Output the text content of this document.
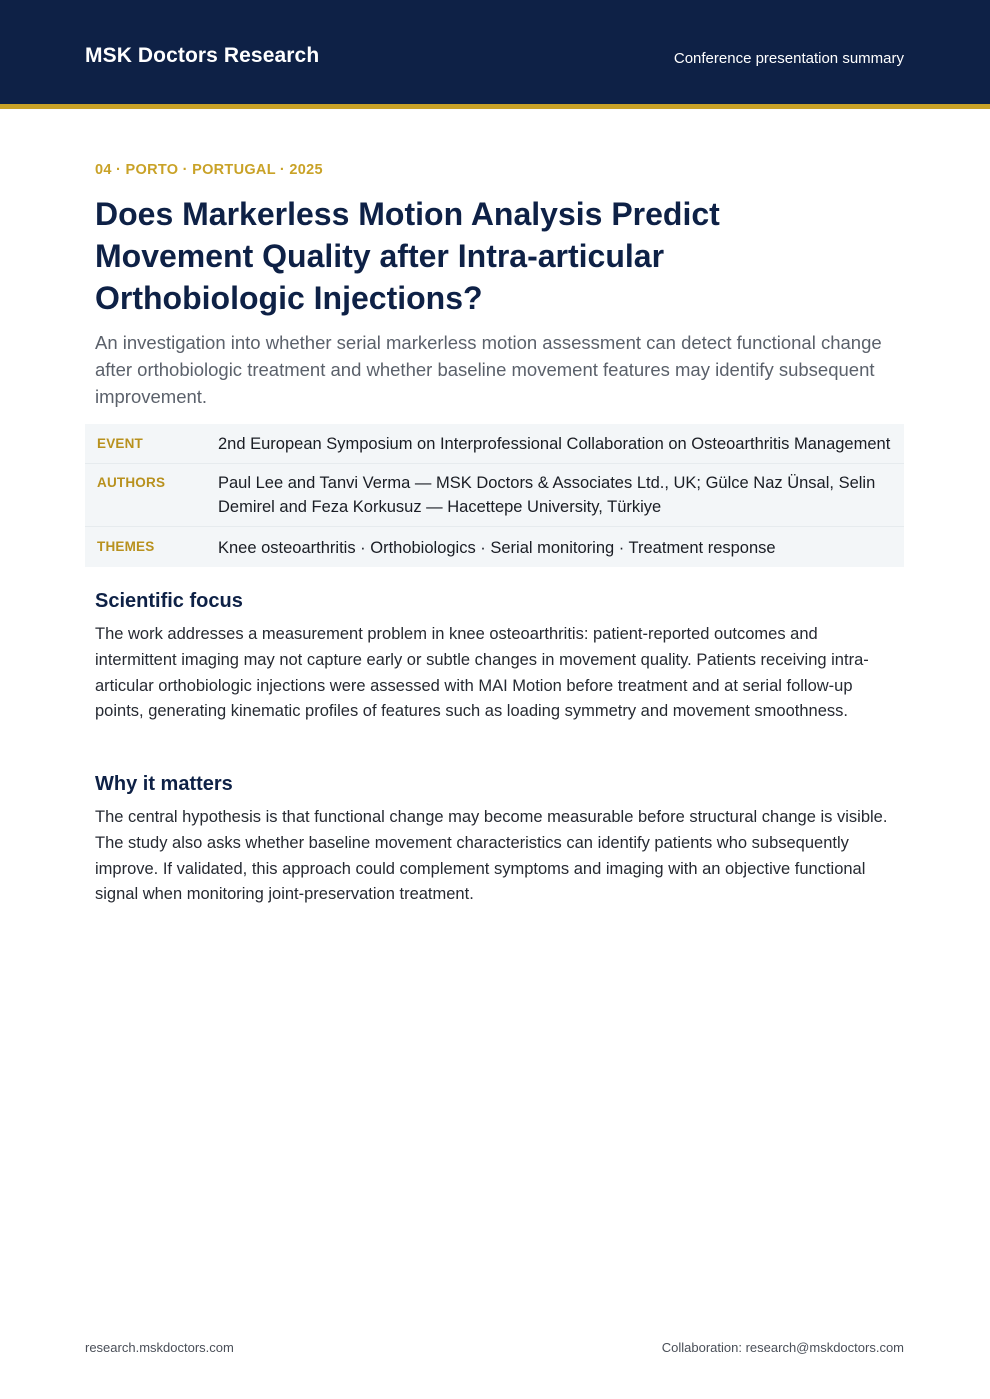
MSK Doctors Research	Conference presentation summary
04 · PORTO · PORTUGAL · 2025
Does Markerless Motion Analysis Predict Movement Quality after Intra-articular Orthobiologic Injections?

An investigation into whether serial markerless motion assessment can detect functional change after orthobiologic treatment and whether baseline movement features may identify subsequent improvement.

EVENT	2nd European Symposium on Interprofessional Collaboration on Osteoarthritis Management
AUTHORS	Paul Lee and Tanvi Verma — MSK Doctors & Associates Ltd., UK; Gülce Naz Ünsal, Selin Demirel and Feza Korkusuz — Hacettepe University, Türkiye
THEMES	Knee osteoarthritis · Orthobiologics · Serial monitoring · Treatment response
Scientific focus

The work addresses a measurement problem in knee osteoarthritis: patient-reported outcomes and intermittent imaging may not capture early or subtle changes in movement quality. Patients receiving intra-articular orthobiologic injections were assessed with MAI Motion before treatment and at serial follow-up points, generating kinematic profiles of features such as loading symmetry and movement smoothness.

Why it matters

The central hypothesis is that functional change may become measurable before structural change is visible. The study also asks whether baseline movement characteristics can identify patients who subsequently improve. If validated, this approach could complement symptoms and imaging with an objective functional signal when monitoring joint-preservation treatment.

research.mskdoctors.com	Collaboration: research@mskdoctors.com
